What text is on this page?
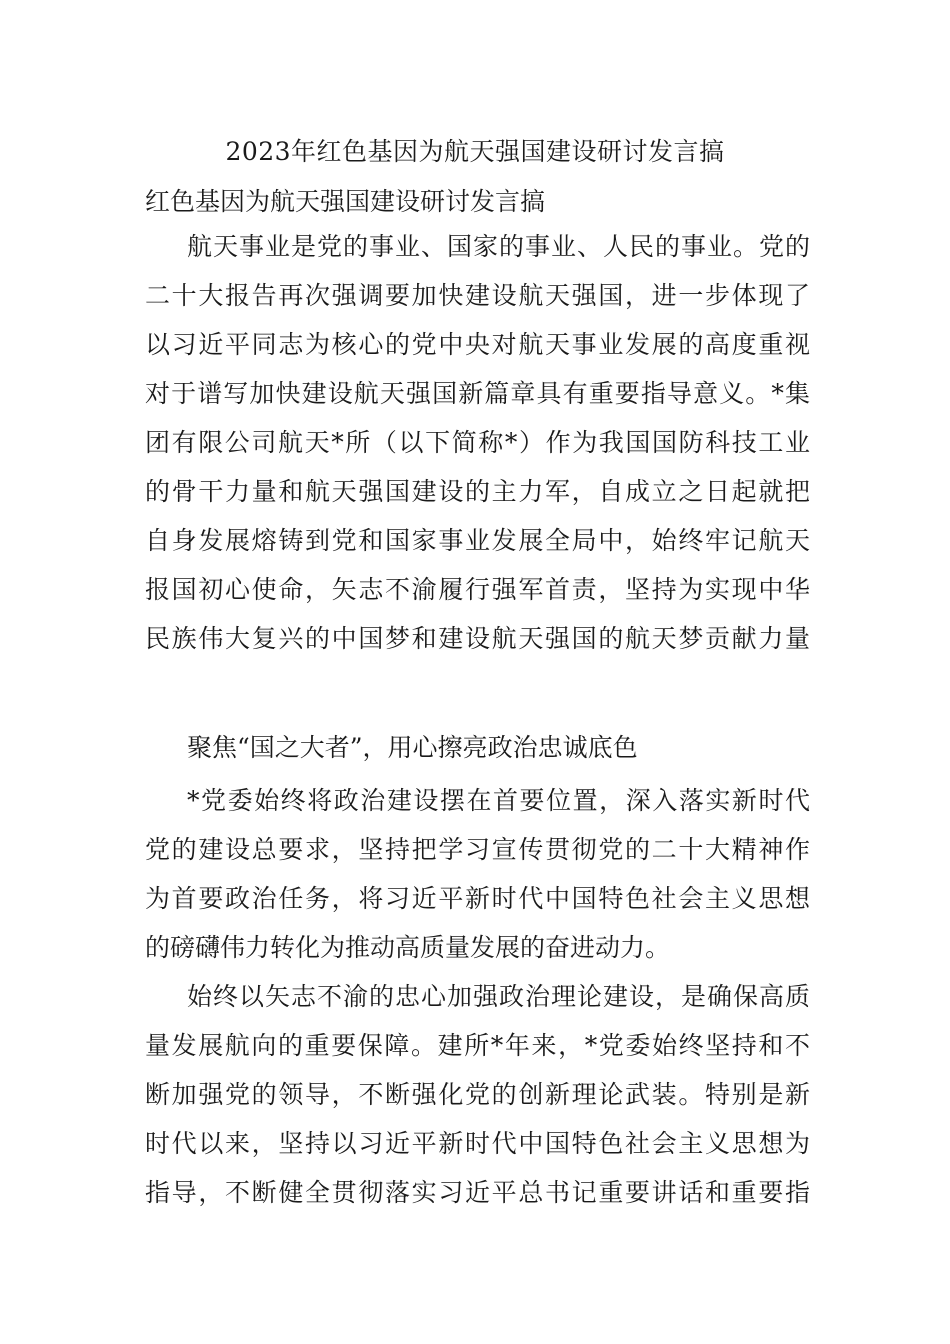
2023年红色基因为航天强国建设研讨发言搞
红色基因为航天强国建设研讨发言搞
航天事业是党的事业、国家的事业、人民的事业。党的
二十大报告再次强调要加快建设航天强国，进一步体现了
以习近平同志为核心的党中央对航天事业发展的高度重视
对于谱写加快建设航天强国新篇章具有重要指导意义。*集
团有限公司航天*所（以下简称*）作为我国国防科技工业
的骨干力量和航天强国建设的主力军，自成立之日起就把
自身发展熔铸到党和国家事业发展全局中，始终牢记航天
报国初心使命，矢志不渝履行强军首责，坚持为实现中华
民族伟大复兴的中国梦和建设航天强国的航天梦贡献力量
聚焦“国之大者”，用心擦亮政治忠诚底色
*党委始终将政治建设摆在首要位置，深入落实新时代
党的建设总要求，坚持把学习宣传贯彻党的二十大精神作
为首要政治任务，将习近平新时代中国特色社会主义思想
的磅礴伟力转化为推动高质量发展的奋进动力。
始终以矢志不渝的忠心加强政治理论建设，是确保高质
量发展航向的重要保障。建所*年来，*党委始终坚持和不
断加强党的领导，不断强化党的创新理论武装。特别是新
时代以来，坚持以习近平新时代中国特色社会主义思想为
指导，不断健全贯彻落实习近平总书记重要讲话和重要指
